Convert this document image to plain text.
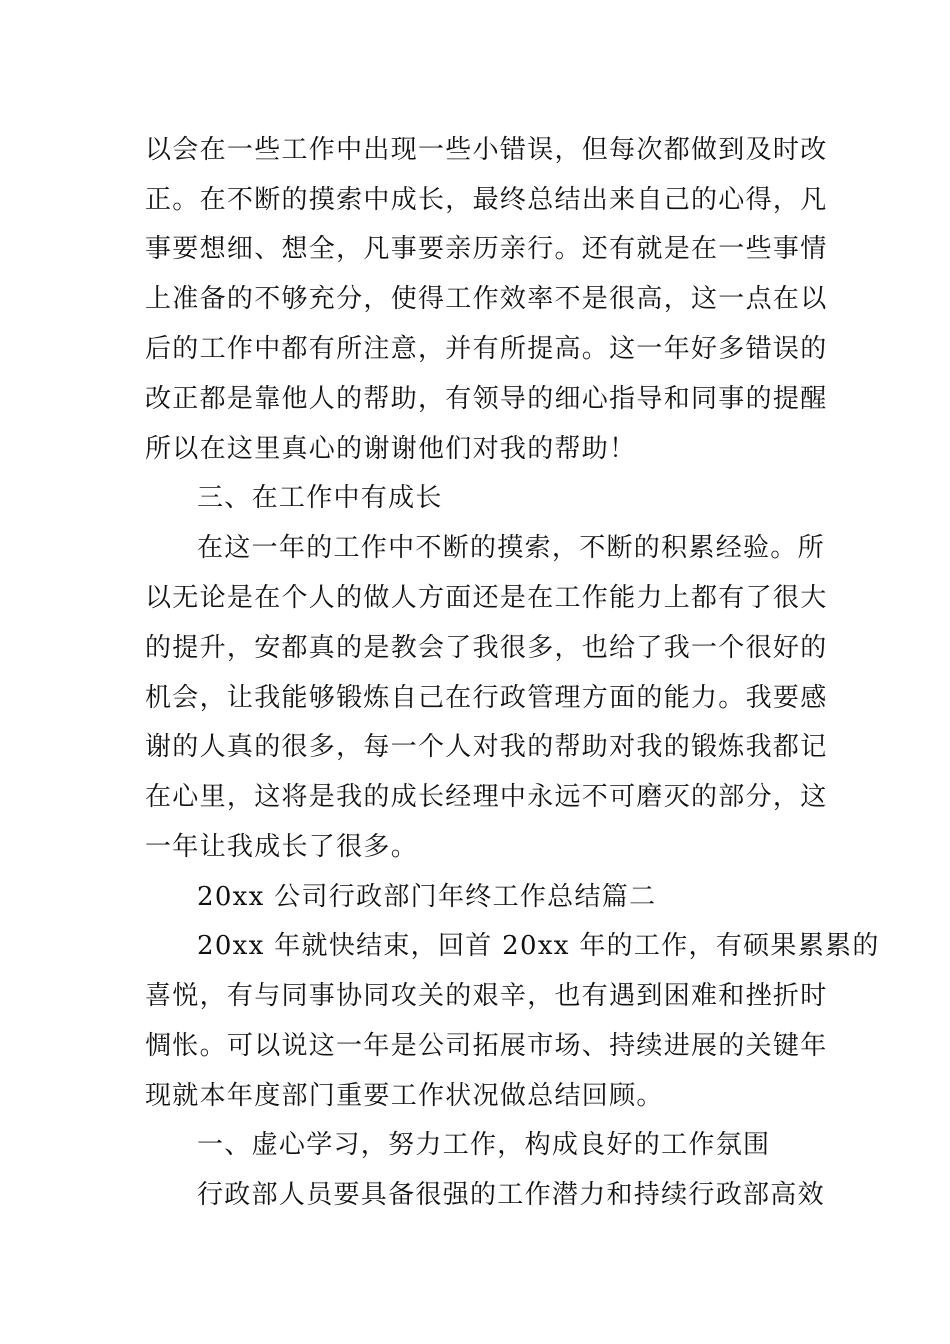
以会在一些工作中出现一些小错误，但每次都做到及时改
正。在不断的摸索中成长，最终总结出来自己的心得，凡
事要想细、想全，凡事要亲历亲行。还有就是在一些事情
上准备的不够充分，使得工作效率不是很高，这一点在以
后的工作中都有所注意，并有所提高。这一年好多错误的
改正都是靠他人的帮助，有领导的细心指导和同事的提醒
所以在这里真心的谢谢他们对我的帮助！
三、在工作中有成长
在这一年的工作中不断的摸索，不断的积累经验。所
以无论是在个人的做人方面还是在工作能力上都有了很大
的提升，安都真的是教会了我很多，也给了我一个很好的
机会，让我能够锻炼自己在行政管理方面的能力。我要感
谢的人真的很多，每一个人对我的帮助对我的锻炼我都记
在心里，这将是我的成长经理中永远不可磨灭的部分，这
一年让我成长了很多。
20xx 公司行政部门年终工作总结篇二
20xx 年就快结束，回首 20xx 年的工作，有硕果累累的
喜悦，有与同事协同攻关的艰辛，也有遇到困难和挫折时
惆怅。可以说这一年是公司拓展市场、持续进展的关键年
现就本年度部门重要工作状况做总结回顾。
一、虚心学习，努力工作，构成良好的工作氛围
行政部人员要具备很强的工作潜力和持续行政部高效
